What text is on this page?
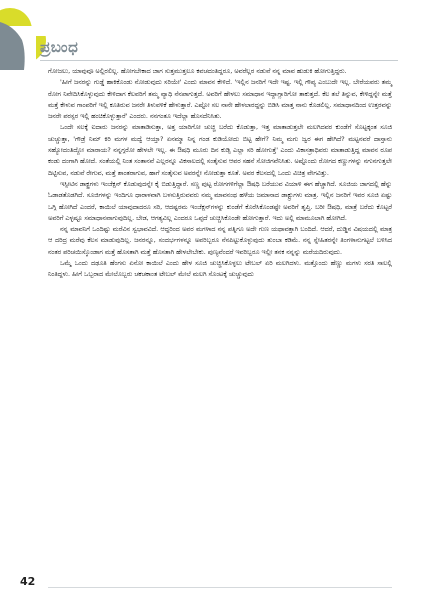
ಪ್ರಬಂಧ

ಗೋಜಲು, ಯಾವುವೂ ಅಲ್ಲಿರಲಿಲ್ಲ. ಹೋಗಬೇಕಾದ ಜಾಗ ಸುತ್ತಮುತ್ತಲೂ ಕವಚದಂತಿದ್ದರೂ, ಅವರೆಲ್ಲರ ನಡುವೆ ನನ್ನ ಮಾವ ಹುಡುಕಿ ಹೋಗುತ್ತಿದ್ದರು.

'ಹೀಗೆ ಜನರನ್ನು ಗುಡ್ಡೆ ಹಾಕಿಕೊಂಡು ನೋಡುವುದು ಸರಿಯೇ' ಎಂದು ಮಾವನ ಕೇಳಿದೆ. 'ಇಲ್ಲಿನ ಜನರಿಗೆ ಇದೇ ಇಷ್ಟ. ಇಲ್ಲಿ ಗೌಪ್ಯ ಎಂಬುದೇ ಇಲ್ಲ. ಬೇರೆಯವರು ತಮ್ಮ ರೋಗ ನಿವೇದಿಸಿಕೊಳ್ಳುವುದು ಕೇಳಿದಾಗ ಕೆಲವರಿಗೆ ತಮ್ಮ ವ್ಯಾಧಿ ನೆನಪಾಗುತ್ತದೆ. ಅವರಿಗೆ ಹೇಳಲು ಸಮಾಧಾನ ಇದ್ದಾಗ್ಲಾರಿಗೋ ತಾಕುತ್ತದೆ. ಕೆಲ ತಲೆ ತಿನ್ನುವ, ಕೇಳಿದ್ದನ್ನೇ ಮತ್ತೆ ಮತ್ತೆ ಕೇಳುವ ಗಾಂಪರಿಗೆ ಇಲ್ಲಿ ಕೂತಿರುವ ಜನರೇ ತಿಳುವಳಿಕೆ ಹೇಳುತ್ತಾರೆ. ಎಷ್ಟೋ ಸಲ ನಾನೇ ಹೇಳಲಾರದ್ದನ್ನು ಬಿಡಿಸಿ ಮಾತ್ತ ನಾನು ಕೊಡಲಿಲ್ಲ. ಸಮಾಧಾನದಿಂದ ಉತ್ತರವನ್ನು ಜನರೇ ಪರಸ್ಪರ ಇಲ್ಲಿ ಹಂಚಿಕೊಳ್ಳುತ್ತಾರೆ' ಎಂದರು. ನನಗಂತೂ ಇದೆಲ್ಲಾ ಹೊಸದೆನಿಸಿತು.

ಒಂದೇ ಸಲಕ್ಕೆ ಐದಾರು ಜನರನ್ನು ಮಾತಾಡಿಸುತ್ತಾ, ಅತ್ತ ಯಾರಿಗೋ ಚುಚ್ಚಿ ಬರೆದು ಕೊಡುತ್ತಾ, ಇತ್ತ ಮಾತಾಡುತ್ತಲೇ ಮಲಗಿದವರ ಕುಂಡೆಗೆ ಸೊಟ್ಟಕ್ಕಂತ ಸೂಜಿ ಚುಚ್ಚುತ್ತಾ, 'ಗೌಡ್ರೆ ನಿಮ್ ಕಿರಿ ಮಗಳ ಮದ್ವೆ ಆಯ್ತಾ? ಏನಮ್ಮಾ ನಿನ್ನ ಗಂಡ ಕುಡಿಯೋದು ಬಿಟ್ಟ ಹೇಗೆ? ನಿಮ್ಮ ಮಗು ಜ್ವರ ಈಗ ಹೇಗಿದೆ? ಮಟ್ಟನವರೆ ದಾಸ್ತಾನು ಸಹ್ಯೋದಂತಿದ್ದೋ ಮಾರಾಯ? ನನ್ನಗ್ಗರೋ ಹೇಳಲೇ ಇಲ್ಲ. ಈ ಔಷಧಿ ಮೂರು ದಿನ ಕುಡ್ಸಿ ಎಲ್ಲಾ ಸರಿ ಹೋಗುತ್ತೆ' ಎಂದು ವಿಕಾಸತ್ರಾಧಿವರು ಮಾತಾಡುತ್ತಿದ್ದ ಮಾವನ ರೂಪ ಕಂಡು ದಂಗಾಗಿ ಹೋದೆ. ಸಂತೆಯಲ್ಲಿ ನಿಂತ ಸಂತಾನವೆ ಎಲ್ಲರನ್ನೂ ವಿಕಸಾಲದಲ್ಲಿ ಸಂತೈಸುವ ಆವರ ಸಹನೆ ಸೋಜಿಗವೆನಿಸಿತು. ಅಷ್ಟೊಂದು ರೋಗದ ಕಣ್ಣುಗಳನ್ನು ನಗುನಗುತ್ತಲೇ ದಿಟ್ಟಿಸುವ, ನಡುವೆ ರೇಗುವ, ಮತ್ತೆ ಶಾಂತರಾಗುವ, ಹಾಗೆ ಸಂತೈಸುವ ಅವರನ್ನೇ ನೋಡುತ್ತಾ ಕೂತೆ. ಅವರ ಕೆಲಸದಲ್ಲಿ ಒಂದು ವಿಚಿತ್ರ ವೇಗವಿತ್ತು.

ಇಸ್ಪೀಟಿನ ಡಾಕ್ಟ್ರಗಳು ಇಂಜೆಕ್ಷನ್ ಕೊಡುವುದನ್ನೇ ಕೈ ಬಿಡುತ್ತಿದ್ದಾರೆ. ಸಣ್ಣ ಪುಟ್ಟ ರೋಗಗಳಿಗೆಲ್ಲಾ ಔಷಧಿ ಬರೆಯುವ ವಿಯಾಳಿ ಈಗ ಹೆಚ್ಚಾಗಿದೆ. ಸೂಜಿಯ ಜಾಗದಲ್ಲಿ ಹೆನ್ನು ಓಡಾಡತೊಡಗಿದೆ. ಸೂಜಿಗಳನ್ನು ಇಂದಿಗೂ ಧಾರಾಳವಾಗಿ ಬಳಸುತ್ತಿರುವವರು ನಮ್ಮ ಮಾವನಂಥ ಹಳೆಯ ಜಮಾನಾದ ಡಾಕ್ಟ್ರುಗಳು ಮಾತ್ರ. ಇಲ್ಲಿನ ಜನರಿಗೆ ಇವರ ಸೂಜಿ ಏಷ್ಟು ಒಗ್ಗಿ ಹೋಗಿದೆ ಎಂದರೆ, ಕಾಯಿಲೆ ಯಾವುದಾದರೂ ಸರಿ, ಆದಷ್ಟರಮ ಇಂಜೆಕ್ಷನ್‌ಗಳನ್ನು ಕುಂಡೆಗೆ ಕೊರೆಸಿಕೊಂಡಷ್ಟೇ ಅವರಿಗೆ ತೃಪ್ತಿ. ಬರೀ ಔಷಧಿ, ಮಾತ್ರೆ ಬರೆದು ಕೊಟ್ಟರೆ ಅವರಿಗೆ ಎಳ್ಳಷ್ಟೂ ಸಮಾಧಾನವಾಗುವುದಿಲ್ಲ. ಬೇಡ, ಆಗತ್ಯವಿಲ್ಲ ಎಂದರೂ ಒಪ್ಪದೆ ಚುಚ್ಚಿಸಿಕೊಂಡೇ ಹೋಗುತ್ತಾರೆ. ಇದು ಅಲ್ಲಿ ಮಾಮೂಲಾಗಿ ಹೋಗಿದೆ.

ನನ್ನ ಮಾವನಿಗೆ ಒಂದಿಷ್ಟು ಮರೆವಿನ ಸ್ವಭಾವವಿದೆ. ಆದ್ದರಿಂದ ಅವರ ಮಗಳಾದ ನನ್ನ ಪತ್ನಿಗೂ ಅದೇ ಗುಣ ಯಥಾವತ್ತಾಗಿ ಬಂದಿದೆ. ಆದರೆ, ದುಡ್ಡಿನ ವಿಷಯದಲ್ಲಿ ಮಾತ್ರ ಆ ದರಿದ್ರ ಮರೆವು ಕೆಲಸ ಮಾಡುವುದಿಲ್ಲ. ಜನರನ್ನೂ, ಸಂದರ್ಭಗಳನ್ನೂ ಅವರಿಬ್ಬರೂ ನೆನಪಿಟ್ಟುಕೊಳ್ಳುವುದು ತುಂಬಾ ಕಡಿಮೆ. ನನ್ನ ಸ್ನೇಹಿತರನ್ನೇ ತಿಂಗಳಾನುಗಟ್ಟಲೆ ಬಳಿಸಿದ ನಂತರ ಪರಿಚಯಿಸ್ಕೊಂಡಾಗ ಮತ್ತೆ ಹೊಸತಾಗಿ ಮತ್ತೆ ಹೊಸತಾಗಿ ಹೇಳಲೇಬೇಕು. ಪುಣ್ಯವೆಂದರೆ ಇವರಿಬ್ಬರೂ ಇಲ್ಲೀ ತನಕ ನನ್ನನ್ನು ಮರೆಯದಿರುವುದು.

ಒಮ್ಮೆ ಒಂದು ದಢೂತಿ ಹೆಂಗಸು ಏನೋ ಕಾಯಿಲೆ ಎಂದು ಹೇಳ ಸೂಜಿ ಚುಚ್ಚಿಸಿಕೊಳ್ಳಲು ಟೇಬಲ್ ಏರಿ ಮಲಗಿದಳು. ಮತ್ತೊಂದು ಹೆಣ್ಣು ಮಗಳು ಸರತಿ ಸಾಲಲ್ಲಿ ನಿಂತಿದ್ದಳು. ಹೀಗೆ ಒಬ್ಬರಾದ ಮೇಲೊಬ್ಬರು ಚಕಚಕಾಂತ ಟೇಬಲ್ ಮೇಲೆ ಮಲಗಿ ಸೊಂಟಕ್ಕೆ ಚುಚ್ಚುವುದು

42
